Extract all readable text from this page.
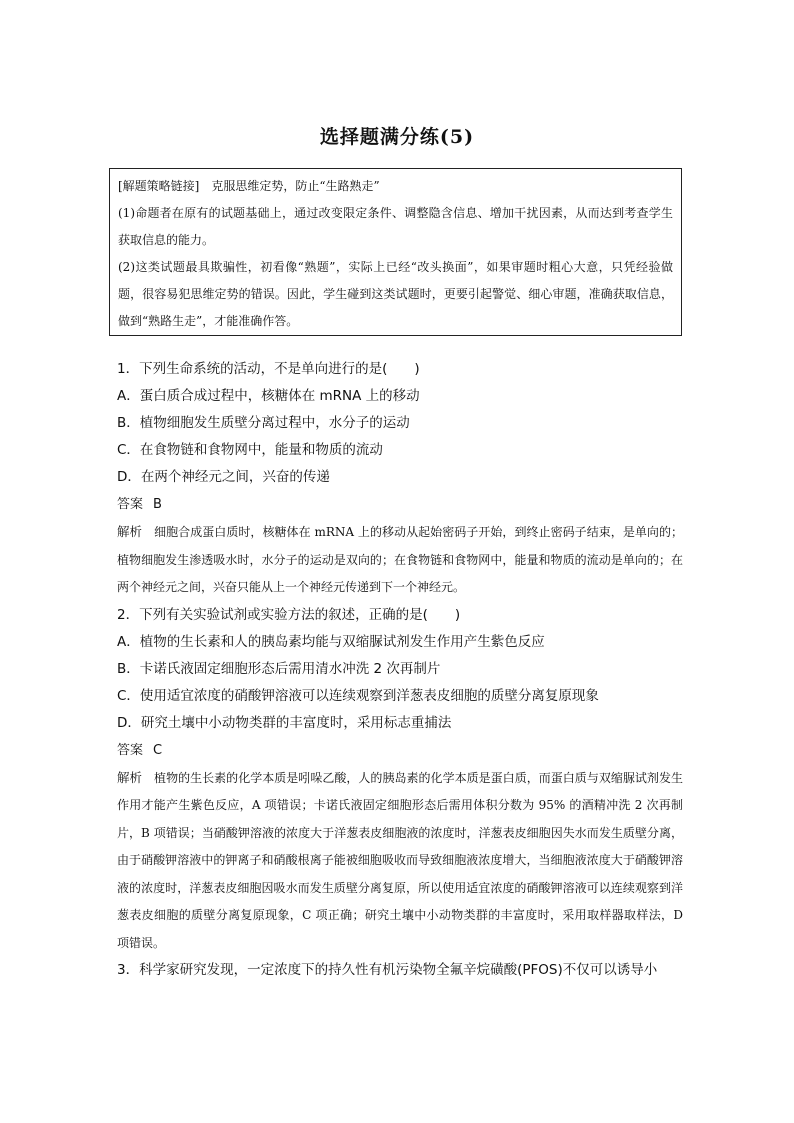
选择题满分练(5)

[解题策略链接]　克服思维定势，防止“生路熟走”

(1)命题者在原有的试题基础上，通过改变限定条件、调整隐含信息、增加干扰因素，从而达到考查学生获取信息的能力。

(2)这类试题最具欺骗性，初看像“熟题”，实际上已经“改头换面”，如果审题时粗心大意，只凭经验做题，很容易犯思维定势的错误。因此，学生碰到这类试题时，更要引起警觉、细心审题，准确获取信息，做到“熟路生走”，才能准确作答。

1．下列生命系统的活动，不是单向进行的是(　　)

A．蛋白质合成过程中，核糖体在 mRNA 上的移动

B．植物细胞发生质壁分离过程中，水分子的运动

C．在食物链和食物网中，能量和物质的流动

D．在两个神经元之间，兴奋的传递

答案 B

解析 细胞合成蛋白质时，核糖体在 mRNA 上的移动从起始密码子开始，到终止密码子结束，是单向的；植物细胞发生渗透吸水时，水分子的运动是双向的；在食物链和食物网中，能量和物质的流动是单向的；在两个神经元之间，兴奋只能从上一个神经元传递到下一个神经元。

2．下列有关实验试剂或实验方法的叙述，正确的是(　　)

A．植物的生长素和人的胰岛素均能与双缩脲试剂发生作用产生紫色反应

B．卡诺氏液固定细胞形态后需用清水冲洗 2 次再制片

C．使用适宜浓度的硝酸钾溶液可以连续观察到洋葱表皮细胞的质壁分离复原现象

D．研究土壤中小动物类群的丰富度时，采用标志重捕法

答案 C

解析 植物的生长素的化学本质是吲哚乙酸，人的胰岛素的化学本质是蛋白质，而蛋白质与双缩脲试剂发生作用才能产生紫色反应，A 项错误；卡诺氏液固定细胞形态后需用体积分数为 95% 的酒精冲洗 2 次再制片，B 项错误；当硝酸钾溶液的浓度大于洋葱表皮细胞液的浓度时，洋葱表皮细胞因失水而发生质壁分离，由于硝酸钾溶液中的钾离子和硝酸根离子能被细胞吸收而导致细胞液浓度增大，当细胞液浓度大于硝酸钾溶液的浓度时，洋葱表皮细胞因吸水而发生质壁分离复原，所以使用适宜浓度的硝酸钾溶液可以连续观察到洋葱表皮细胞的质壁分离复原现象，C 项正确；研究土壤中小动物类群的丰富度时，采用取样器取样法，D 项错误。

3．科学家研究发现，一定浓度下的持久性有机污染物全氟辛烷磺酸(PFOS)不仅可以诱导小
